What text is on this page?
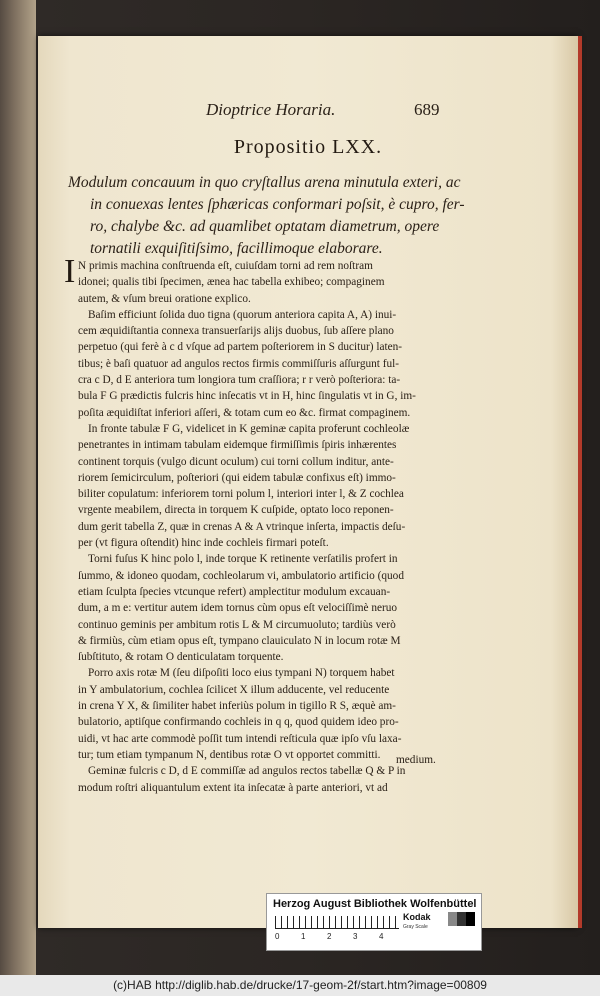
Dioptrice Horaria.	689
Propositio LXX.
Modulum concauum in quo cryſtallus arena minutula exteri, ac
in conuexas lentes ſphæricas conformari poſsit, è cupro, fer-
ro, chalybe &c. ad quamlibet optatam diametrum, opere
tornatili exquiſitiſsimo, facillimoque elaborare.
I N primis machina conſtruenda eſt, cuiuſdam torni ad rem noſtram
idonei; qualis tibi ſpecimen, ænea hac tabella exhibeo; compaginem
autem, & vſum breui oratione explico.
Baſim efficiunt ſolida duo tigna (quorum anteriora capita A, A) inui-
cem æquidiſtantia connexa transuerſarijs alijs duobus, ſub aſſere plano
perpetuo (qui ferè à c d vſque ad partem poſteriorem in S ducitur) laten-
tibus; è baſi quatuor ad angulos rectos firmis commiſſuris aſſurgunt ful-
cra c D, d E anteriora tum longiora tum craſſiora; r r verò poſteriora: ta-
bula F G prædictis fulcris hinc inſecatis vt in H, hinc ſingulatis vt in G, im-
poſita æquidiſtat inferiori aſſeri, & totam cum eo &c. firmat compaginem.
In fronte tabulæ F G, videlicet in K geminæ capita proferunt cochleolæ
penetrantes in intimam tabulam eidemque firmiſſimis ſpiris inhærentes
continent torquis (vulgo dicunt oculum) cui torni collum inditur, ante-
riorem ſemicirculum, poſteriori (qui eidem tabulæ confixus eſt) immo-
biliter copulatum: inferiorem torni polum l, interiori inter l, & Z cochlea
vrgente meabilem, directa in torquem K cuſpide, optato loco reponen-
dum gerit tabella Z, quæ in crenas A & A vtrinque inſerta, impactis deſu-
per (vt figura oſtendit) hinc inde cochleis firmari poteſt.
Torni fuſus K hinc polo l, inde torque K retinente verſatilis profert in
ſummo, & idoneo quodam, cochleolarum vi, ambulatorio artificio (quod
etiam ſculpta ſpecies vtcunque refert) amplectitur modulum excauan-
dum, a m e: vertitur autem idem tornus cùm opus eſt velociſſimè neruo
continuo geminis per ambitum rotis L & M circumuoluto; tardiùs verò
& firmiùs, cùm etiam opus eſt, tympano clauiculato N in locum rotæ M
ſubſtituto, & rotam O denticulatam torquente.
Porro axis rotæ M (ſeu diſpoſiti loco eius tympani N) torquem habet
in Y ambulatorium, cochlea ſcilicet X illum adducente, vel reducente
in crena Y X, & ſimiliter habet inferiùs polum in tigillo R S, æquè am-
bulatorio, aptiſque confirmando cochleis in q q, quod quidem ideo pro-
uidi, vt hac arte commodè poſſit tum intendi reſticula quæ ipſo vſu laxa-
tur; tum etiam tympanum N, dentibus rotæ O vt opportet committi.
Geminæ fulcris c D, d E commiſſæ ad angulos rectos tabellæ Q & P in
modum roſtri aliquantulum extent ita inſecatæ à parte anteriori, vt ad
medium.
Herzog August Bibliothek Wolfenbüttel
0	1	2	3	4
Kodak
Gray Scale
(c)HAB http://diglib.hab.de/drucke/17-geom-2f/start.htm?image=00809
